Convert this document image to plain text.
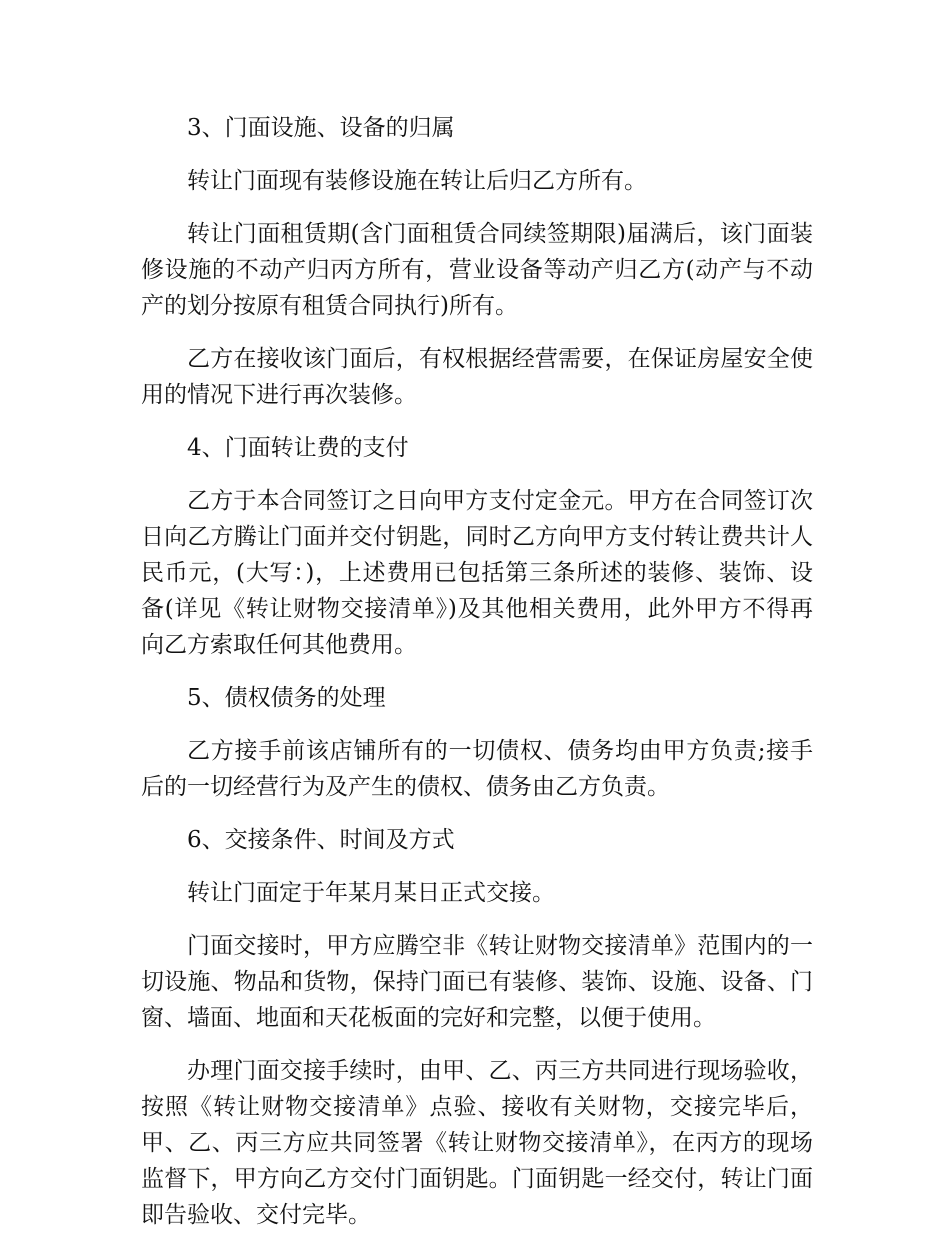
3、门面设施、设备的归属

转让门面现有装修设施在转让后归乙方所有。

转让门面租赁期(含门面租赁合同续签期限)届满后，该门面装修设施的不动产归丙方所有，营业设备等动产归乙方(动产与不动产的划分按原有租赁合同执行)所有。

乙方在接收该门面后，有权根据经营需要，在保证房屋安全使用的情况下进行再次装修。

4、门面转让费的支付

乙方于本合同签订之日向甲方支付定金元。甲方在合同签订次日向乙方腾让门面并交付钥匙，同时乙方向甲方支付转让费共计人民币元，(大写：)，上述费用已包括第三条所述的装修、装饰、设备(详见《转让财物交接清单》)及其他相关费用，此外甲方不得再向乙方索取任何其他费用。

5、债权债务的处理

乙方接手前该店铺所有的一切债权、债务均由甲方负责;接手后的一切经营行为及产生的债权、债务由乙方负责。

6、交接条件、时间及方式

转让门面定于年某月某日正式交接。

门面交接时，甲方应腾空非《转让财物交接清单》范围内的一切设施、物品和货物，保持门面已有装修、装饰、设施、设备、门窗、墙面、地面和天花板面的完好和完整，以便于使用。

办理门面交接手续时，由甲、乙、丙三方共同进行现场验收，按照《转让财物交接清单》点验、接收有关财物，交接完毕后，甲、乙、丙三方应共同签署《转让财物交接清单》，在丙方的现场监督下，甲方向乙方交付门面钥匙。门面钥匙一经交付，转让门面即告验收、交付完毕。
